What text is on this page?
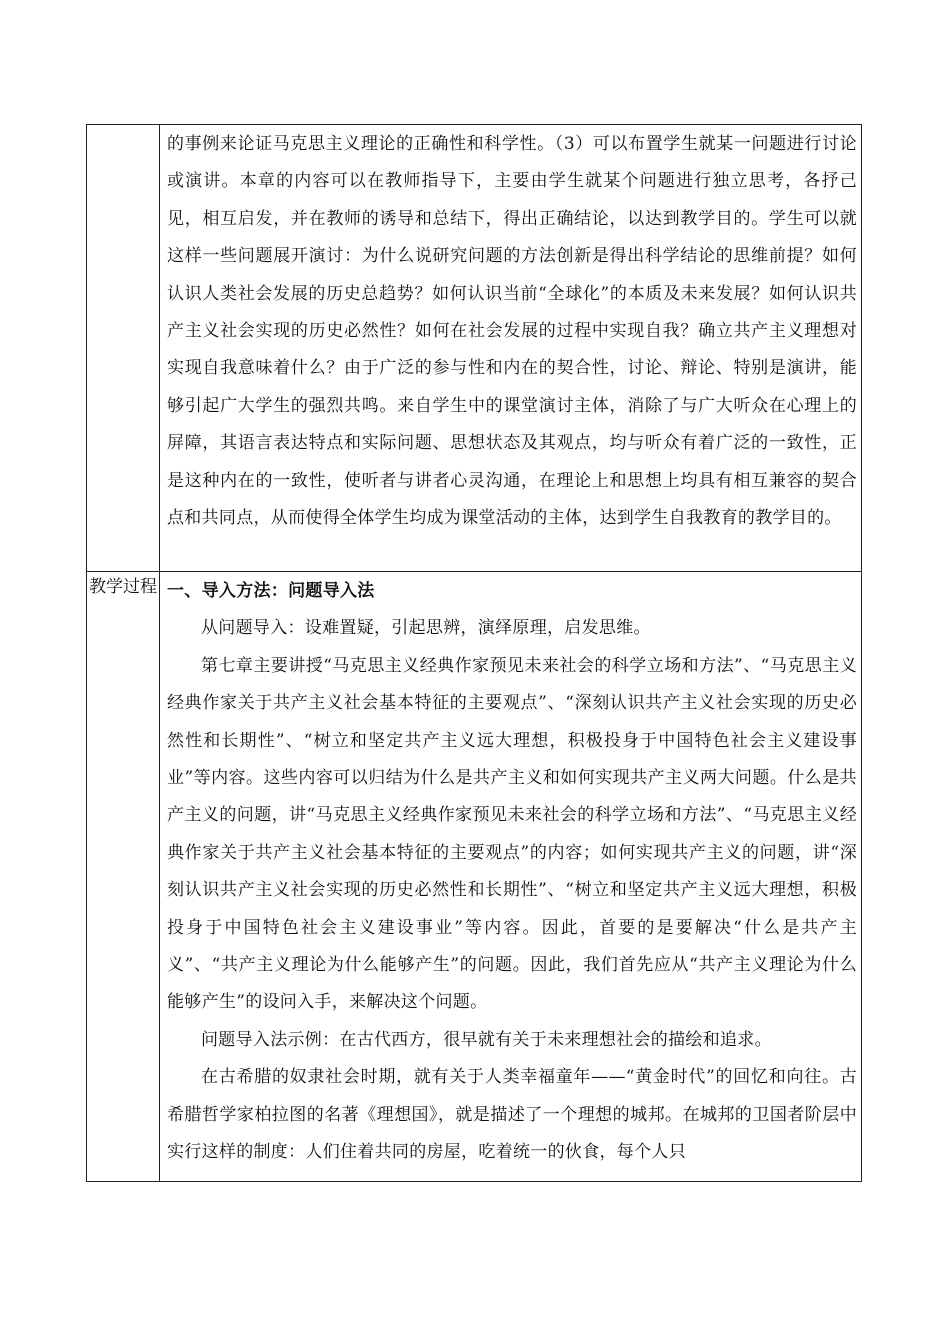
的事例来论证马克思主义理论的正确性和科学性。（3）可以布置学生就某一问题进行讨论或演讲。本章的内容可以在教师指导下，主要由学生就某个问题进行独立思考，各抒己见，相互启发，并在教师的诱导和总结下，得出正确结论，以达到教学目的。学生可以就这样一些问题展开演讨：为什么说研究问题的方法创新是得出科学结论的思维前提？如何认识人类社会发展的历史总趋势？如何认识当前“全球化”的本质及未来发展？如何认识共产主义社会实现的历史必然性？如何在社会发展的过程中实现自我？确立共产主义理想对实现自我意味着什么？由于广泛的参与性和内在的契合性，讨论、辩论、特别是演讲，能够引起广大学生的强烈共鸣。来自学生中的课堂演讨主体，消除了与广大听众在心理上的屏障，其语言表达特点和实际问题、思想状态及其观点，均与听众有着广泛的一致性，正是这种内在的一致性，使听者与讲者心灵沟通，在理论上和思想上均具有相互兼容的契合点和共同点，从而使得全体学生均成为课堂活动的主体，达到学生自我教育的教学目的。

教学过程 一、导入方法：问题导入法

从问题导入：设难置疑，引起思辨，演绎原理，启发思维。

第七章主要讲授“马克思主义经典作家预见未来社会的科学立场和方法”、“马克思主义经典作家关于共产主义社会基本特征的主要观点”、“深刻认识共产主义社会实现的历史必然性和长期性”、“树立和坚定共产主义远大理想，积极投身于中国特色社会主义建设事业”等内容。这些内容可以归结为什么是共产主义和如何实现共产主义两大问题。什么是共产主义的问题，讲“马克思主义经典作家预见未来社会的科学立场和方法”、“马克思主义经典作家关于共产主义社会基本特征的主要观点”的内容；如何实现共产主义的问题，讲“深刻认识共产主义社会实现的历史必然性和长期性”、“树立和坚定共产主义远大理想，积极投身于中国特色社会主义建设事业”等内容。因此，首要的是要解决“什么是共产主义”、“共产主义理论为什么能够产生”的问题。因此，我们首先应从“共产主义理论为什么能够产生”的设问入手，来解决这个问题。

问题导入法示例：在古代西方，很早就有关于未来理想社会的描绘和追求。

在古希腊的奴隶社会时期，就有关于人类幸福童年——“黄金时代”的回忆和向往。古希腊哲学家柏拉图的名著《理想国》，就是描述了一个理想的城邦。在城邦的卫国者阶层中实行这样的制度：人们住着共同的房屋，吃着统一的伙食，每个人只
